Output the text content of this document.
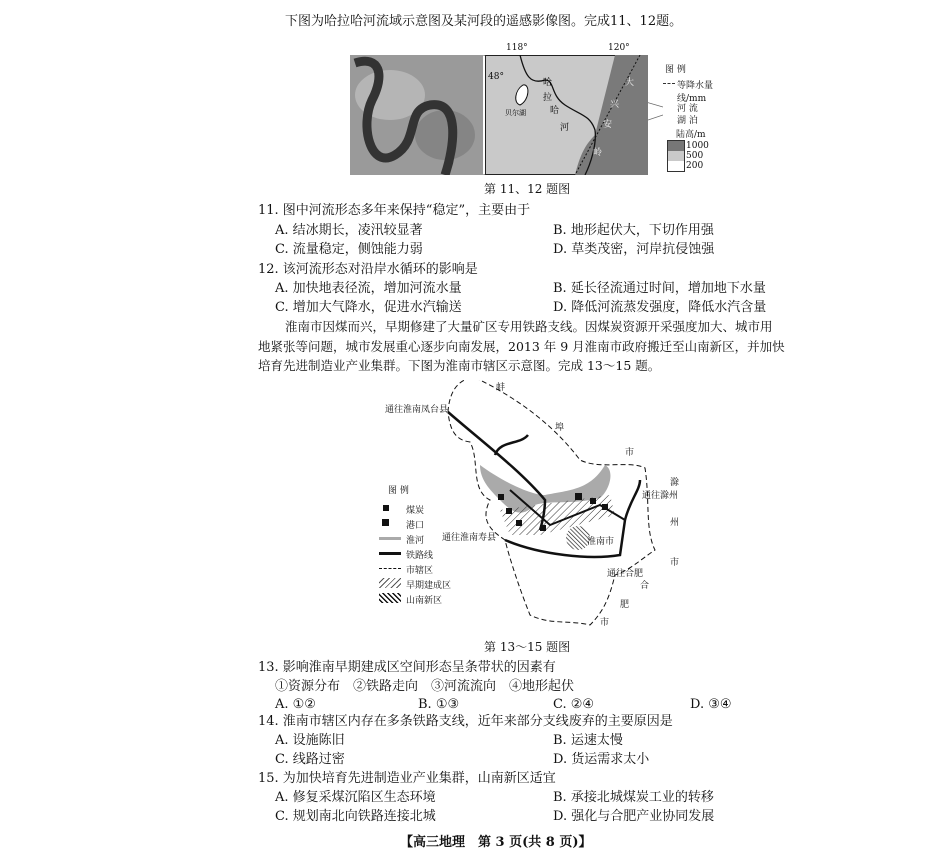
下图为哈拉哈河流域示意图及某河段的遥感影像图。完成11、12题。
哈
拉
哈
河
贝尔湖
大
兴
安
岭
118°	120°
48°
图 例
等降水量线/mm
河 流
湖 泊
陆高/m
1000
500
200
第 11、12 题图
11. 图中河流形态多年来保持“稳定”，主要由于
A. 结冰期长，凌汛较显著	B. 地形起伏大，下切作用强
C. 流量稳定，侧蚀能力弱	D. 草类茂密，河岸抗侵蚀强
12. 该河流形态对沿岸水循环的影响是
A. 加快地表径流，增加河流水量	B. 延长径流通过时间，增加地下水量
C. 增加大气降水，促进水汽输送	D. 降低河流蒸发强度，降低水汽含量
淮南市因煤而兴，早期修建了大量矿区专用铁路支线。因煤炭资源开采强度加大、城市用
地紧张等问题，城市发展重心逐步向南发展，2013 年 9 月淮南市政府搬迁至山南新区，并加快
培育先进制造业产业集群。下图为淮南市辖区示意图。完成 13～15 题。
蚌
埠
市
滁
州
市
合
肥
市
通往淮南凤台县
通往淮南寿县
通往滁州
通往合肥
淮南市
图 例
煤炭
港口
淮河
铁路线
市辖区
早期建成区
山南新区
第 13～15 题图
13. 影响淮南早期建成区空间形态呈条带状的因素有
①资源分布　②铁路走向　③河流流向　④地形起伏
A. ①②	B. ①③	C. ②④	D. ③④
14. 淮南市辖区内存在多条铁路支线，近年来部分支线废弃的主要原因是
A. 设施陈旧	B. 运速太慢
C. 线路过密	D. 货运需求太小
15. 为加快培育先进制造业产业集群，山南新区适宜
A. 修复采煤沉陷区生态环境	B. 承接北城煤炭工业的转移
C. 规划南北向铁路连接北城	D. 强化与合肥产业协同发展
【高三地理　第 3 页(共 8 页)】
